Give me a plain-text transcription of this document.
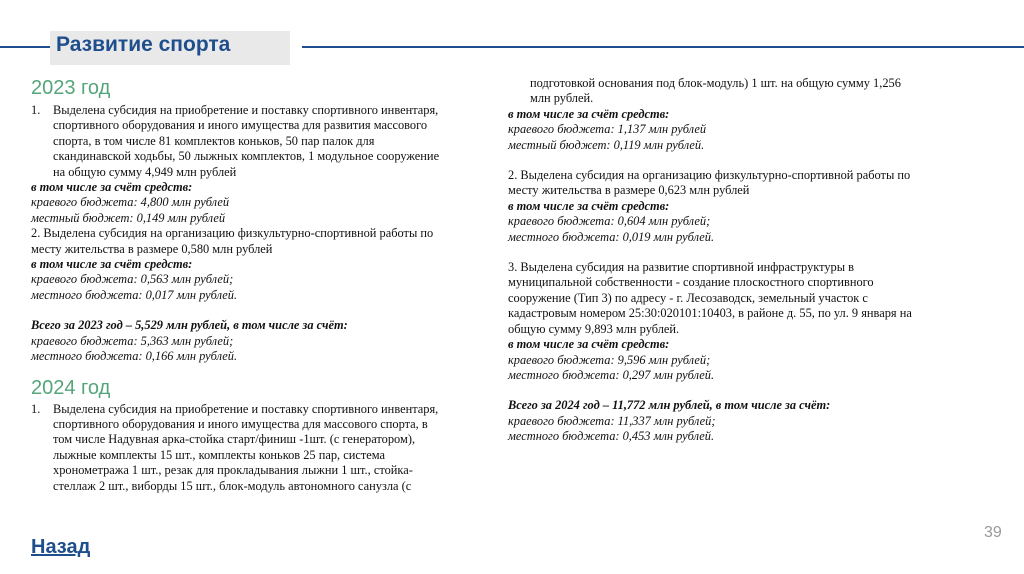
Развитие спорта
2023 год
1.	Выделена субсидия на приобретение и поставку спортивного инвентаря,

спортивного оборудования и иного имущества для развития массового

спорта, в том числе 81 комплектов коньков, 50 пар палок для

скандинавской ходьбы, 50 лыжных комплектов, 1 модульное сооружение

на общую сумму 4,949 млн рублей

в том числе за счёт средств:

краевого бюджета: 4,800 млн рублей

местный бюджет: 0,149 млн рублей

2. Выделена субсидия на организацию физкультурно-спортивной работы по

месту жительства в размере 0,580 млн рублей

в том числе за счёт средств:

краевого бюджета: 0,563 млн рублей;

местного бюджета: 0,017 млн рублей.

Всего за 2023 год – 5,529 млн рублей, в том числе за счёт:

краевого бюджета: 5,363 млн рублей;

местного бюджета: 0,166 млн рублей.

2024 год
1.	Выделена субсидия на приобретение и поставку спортивного инвентаря,

спортивного оборудования и иного имущества для массового спорта, в

том числе Надувная арка-стойка старт/финиш -1шт. (с генератором),

лыжные комплекты 15 шт., комплекты коньков 25 пар, система

хронометража 1 шт., резак для прокладывания лыжни 1 шт., стойка-

стеллаж 2 шт., виборды 15 шт., блок-модуль автономного санузла (с

подготовкой основания под блок-модуль) 1 шт. на общую сумму 1,256

млн рублей.

в том числе за счёт средств:

краевого бюджета: 1,137 млн рублей

местный бюджет: 0,119 млн рублей.

2. Выделена субсидия на организацию физкультурно-спортивной работы по

месту жительства в размере 0,623 млн рублей

в том числе за счёт средств:

краевого бюджета: 0,604 млн рублей;

местного бюджета: 0,019 млн рублей.

3. Выделена субсидия на развитие спортивной инфраструктуры в

муниципальной собственности - создание плоскостного спортивного

сооружение (Тип 3) по адресу - г. Лесозаводск, земельный участок с

кадастровым номером 25:30:020101:10403, в районе д. 55, по ул. 9 января на

общую сумму 9,893 млн рублей.

в том числе за счёт средств:

краевого бюджета: 9,596 млн рублей;

местного бюджета: 0,297 млн рублей.

Всего за 2024 год – 11,772 млн рублей, в том числе за счёт:

краевого бюджета: 11,337 млн рублей;

местного бюджета: 0,453 млн рублей.

Назад
39
